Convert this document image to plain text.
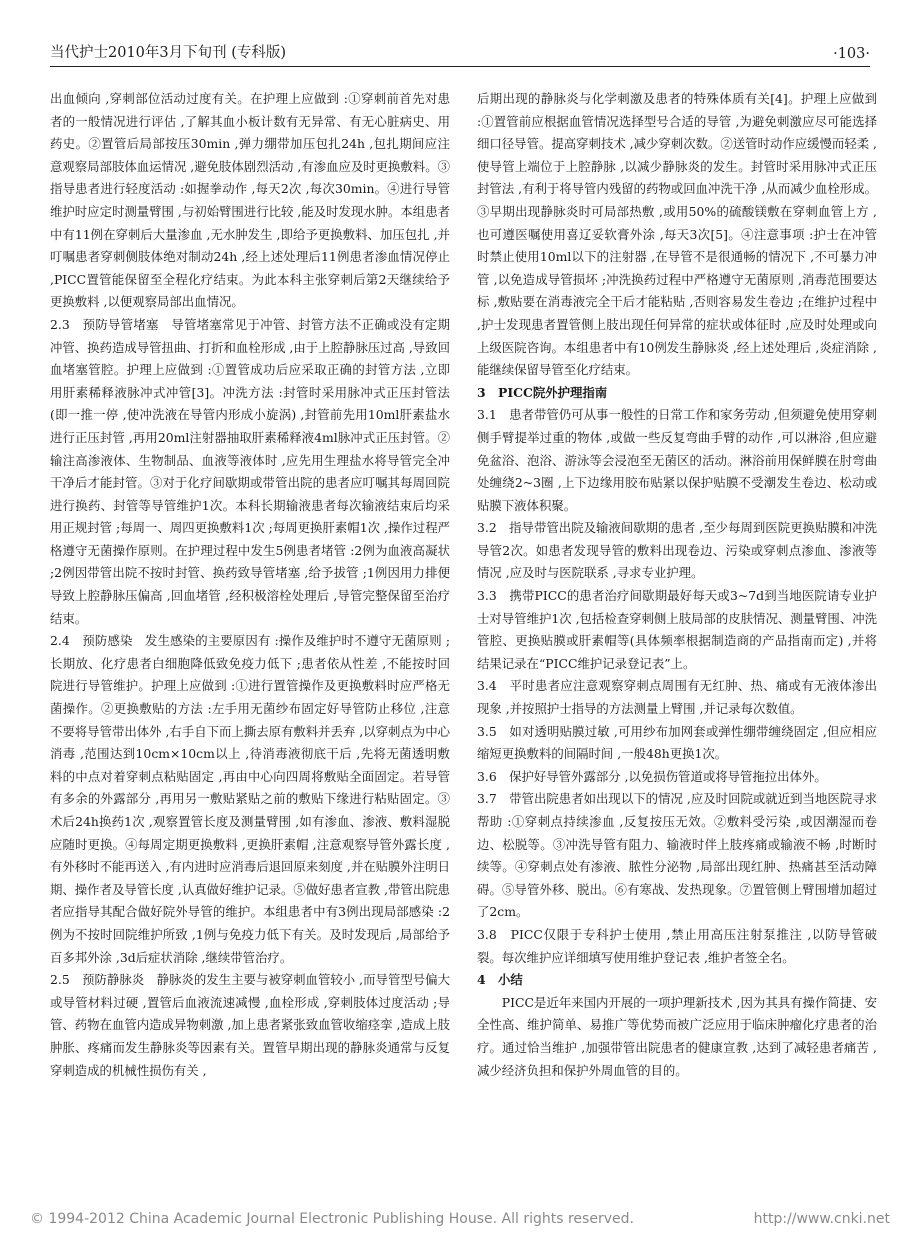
当代护士2010年3月下旬刊 (专科版)	·103·

出血倾向 ,穿刺部位活动过度有关。在护理上应做到 :①穿刺前首先对患者的一般情况进行评估 ,了解其血小板计数有无异常、有无心脏病史、用药史。②置管后局部按压30min ,弹力绷带加压包扎24h ,包扎期间应注意观察局部肢体血运情况 ,避免肢体剧烈活动 ,有渗血应及时更换敷料。③指导患者进行轻度活动 :如握拳动作 ,每天2次 ,每次30min。④进行导管维护时应定时测量臂围 ,与初始臂围进行比较 ,能及时发现水肿。本组患者中有11例在穿刺后大量渗血 ,无水肿发生 ,即给予更换敷料、加压包扎 ,并叮嘱患者穿刺侧肢体绝对制动24h ,经上述处理后11例患者渗血情况停止 ,PICC置管能保留至全程化疗结束。为此本科主张穿刺后第2天继续给予更换敷料 ,以便观察局部出血情况。

2.3　预防导管堵塞　导管堵塞常见于冲管、封管方法不正确或没有定期冲管、换药造成导管扭曲、打折和血栓形成 ,由于上腔静脉压过高 ,导致回血堵塞管腔。护理上应做到 :①置管成功后应采取正确的封管方法 ,立即用肝素稀释液脉冲式冲管[3]。冲洗方法 :封管时采用脉冲式正压封管法(即一推一停 ,使冲洗液在导管内形成小旋涡) ,封管前先用10ml肝素盐水进行正压封管 ,再用20ml注射器抽取肝素稀释液4ml脉冲式正压封管。②输注高渗液体、生物制品、血液等液体时 ,应先用生理盐水将导管完全冲干净后才能封管。③对于化疗间歇期或带管出院的患者应叮嘱其每周回院进行换药、封管等导管维护1次。本科长期输液患者每次输液结束后均采用正规封管 ;每周一、周四更换敷料1次 ;每周更换肝素帽1次 ,操作过程严格遵守无菌操作原则。在护理过程中发生5例患者堵管 :2例为血液高凝状 ;2例因带管出院不按时封管、换药致导管堵塞 ,给予拔管 ;1例因用力排便导致上腔静脉压偏高 ,回血堵管 ,经积极溶栓处理后 ,导管完整保留至治疗结束。

2.4　预防感染　发生感染的主要原因有 :操作及维护时不遵守无菌原则 ;长期放、化疗患者白细胞降低致免疫力低下 ;患者依从性差 ,不能按时回院进行导管维护。护理上应做到 :①进行置管操作及更换敷料时应严格无菌操作。②更换敷贴的方法 :左手用无菌纱布固定好导管防止移位 ,注意不要将导管带出体外 ,右手自下而上撕去原有敷料并丢弃 ,以穿刺点为中心消毒 ,范围达到10cm×10cm以上 ,待消毒液彻底干后 ,先将无菌透明敷料的中点对着穿刺点粘贴固定 ,再由中心向四周将敷贴全面固定。若导管有多余的外露部分 ,再用另一敷贴紧贴之前的敷贴下缘进行粘贴固定。③术后24h换药1次 ,观察置管长度及测量臂围 ,如有渗血、渗液、敷料湿脱应随时更换。④每周定期更换敷料 ,更换肝素帽 ,注意观察导管外露长度 ,有外移时不能再送入 ,有内进时应消毒后退回原来刻度 ,并在贴膜外注明日期、操作者及导管长度 ,认真做好维护记录。⑤做好患者宣教 ,带管出院患者应指导其配合做好院外导管的维护。本组患者中有3例出现局部感染 :2例为不按时回院维护所致 ,1例与免疫力低下有关。及时发现后 ,局部给予百多邦外涂 ,3d后症状消除 ,继续带管治疗。

2.5　预防静脉炎　静脉炎的发生主要与被穿刺血管较小 ,而导管型号偏大或导管材料过硬 ,置管后血液流速减慢 ,血栓形成 ,穿刺肢体过度活动 ;导管、药物在血管内造成异物刺激 ,加上患者紧张致血管收缩痉挛 ,造成上肢肿胀、疼痛而发生静脉炎等因素有关。置管早期出现的静脉炎通常与反复穿刺造成的机械性损伤有关 ,

后期出现的静脉炎与化学刺激及患者的特殊体质有关[4]。护理上应做到 :①置管前应根据血管情况选择型号合适的导管 ,为避免刺激应尽可能选择细口径导管。提高穿刺技术 ,减少穿刺次数。②送管时动作应缓慢而轻柔 ,使导管上端位于上腔静脉 ,以减少静脉炎的发生。封管时采用脉冲式正压封管法 ,有利于将导管内残留的药物或回血冲洗干净 ,从而减少血栓形成。③早期出现静脉炎时可局部热敷 ,或用50%的硫酸镁敷在穿刺血管上方 ,也可遵医嘱使用喜辽妥软膏外涂 ,每天3次[5]。④注意事项 :护士在冲管时禁止使用10ml以下的注射器 ,在导管不是很通畅的情况下 ,不可暴力冲管 ,以免造成导管损坏 ;冲洗换药过程中严格遵守无菌原则 ,消毒范围要达标 ,敷贴要在消毒液完全干后才能粘贴 ,否则容易发生卷边 ;在维护过程中 ,护士发现患者置管侧上肢出现任何异常的症状或体征时 ,应及时处理或向上级医院咨询。本组患者中有10例发生静脉炎 ,经上述处理后 ,炎症消除 ,能继续保留导管至化疗结束。

3　PICC院外护理指南

3.1　患者带管仍可从事一般性的日常工作和家务劳动 ,但须避免使用穿刺侧手臂提举过重的物体 ,或做一些反复弯曲手臂的动作 ,可以淋浴 ,但应避免盆浴、泡浴、游泳等会浸泡至无菌区的活动。淋浴前用保鲜膜在肘弯曲处缠绕2~3圈 ,上下边缘用胶布贴紧以保护贴膜不受潮发生卷边、松动或贴膜下液体积聚。

3.2　指导带管出院及输液间歇期的患者 ,至少每周到医院更换贴膜和冲洗导管2次。如患者发现导管的敷料出现卷边、污染或穿刺点渗血、渗液等情况 ,应及时与医院联系 ,寻求专业护理。

3.3　携带PICC的患者治疗间歇期最好每天或3~7d到当地医院请专业护士对导管维护1次 ,包括检查穿刺侧上肢局部的皮肤情况、测量臂围、冲洗管腔、更换贴膜或肝素帽等(具体频率根据制造商的产品指南而定) ,并将结果记录在“PICC维护记录登记表”上。

3.4　平时患者应注意观察穿刺点周围有无红肿、热、痛或有无液体渗出现象 ,并按照护士指导的方法测量上臂围 ,并记录每次数值。

3.5　如对透明贴膜过敏 ,可用纱布加网套或弹性绷带缠绕固定 ,但应相应缩短更换敷料的间隔时间 ,一般48h更换1次。

3.6　保护好导管外露部分 ,以免损伤管道或将导管拖拉出体外。

3.7　带管出院患者如出现以下的情况 ,应及时回院或就近到当地医院寻求帮助 :①穿刺点持续渗血 ,反复按压无效。②敷料受污染 ,或因潮湿而卷边、松脱等。③冲洗导管有阻力、输液时伴上肢疼痛或输液不畅 ,时断时续等。④穿刺点处有渗液、脓性分泌物 ,局部出现红肿、热痛甚至活动障碍。⑤导管外移、脱出。⑥有寒战、发热现象。⑦置管侧上臂围增加超过了2cm。

3.8　PICC仅限于专科护士使用 ,禁止用高压注射泵推注 ,以防导管破裂。每次维护应详细填写使用维护登记表 ,维护者签全名。

4　小结

PICC是近年来国内开展的一项护理新技术 ,因为其具有操作简捷、安全性高、维护简单、易推广等优势而被广泛应用于临床肿瘤化疗患者的治疗。通过恰当维护 ,加强带管出院患者的健康宣教 ,达到了减轻患者痛苦 ,减少经济负担和保护外周血管的目的。

© 1994-2012 China Academic Journal Electronic Publishing House. All rights reserved.	http://www.cnki.net
